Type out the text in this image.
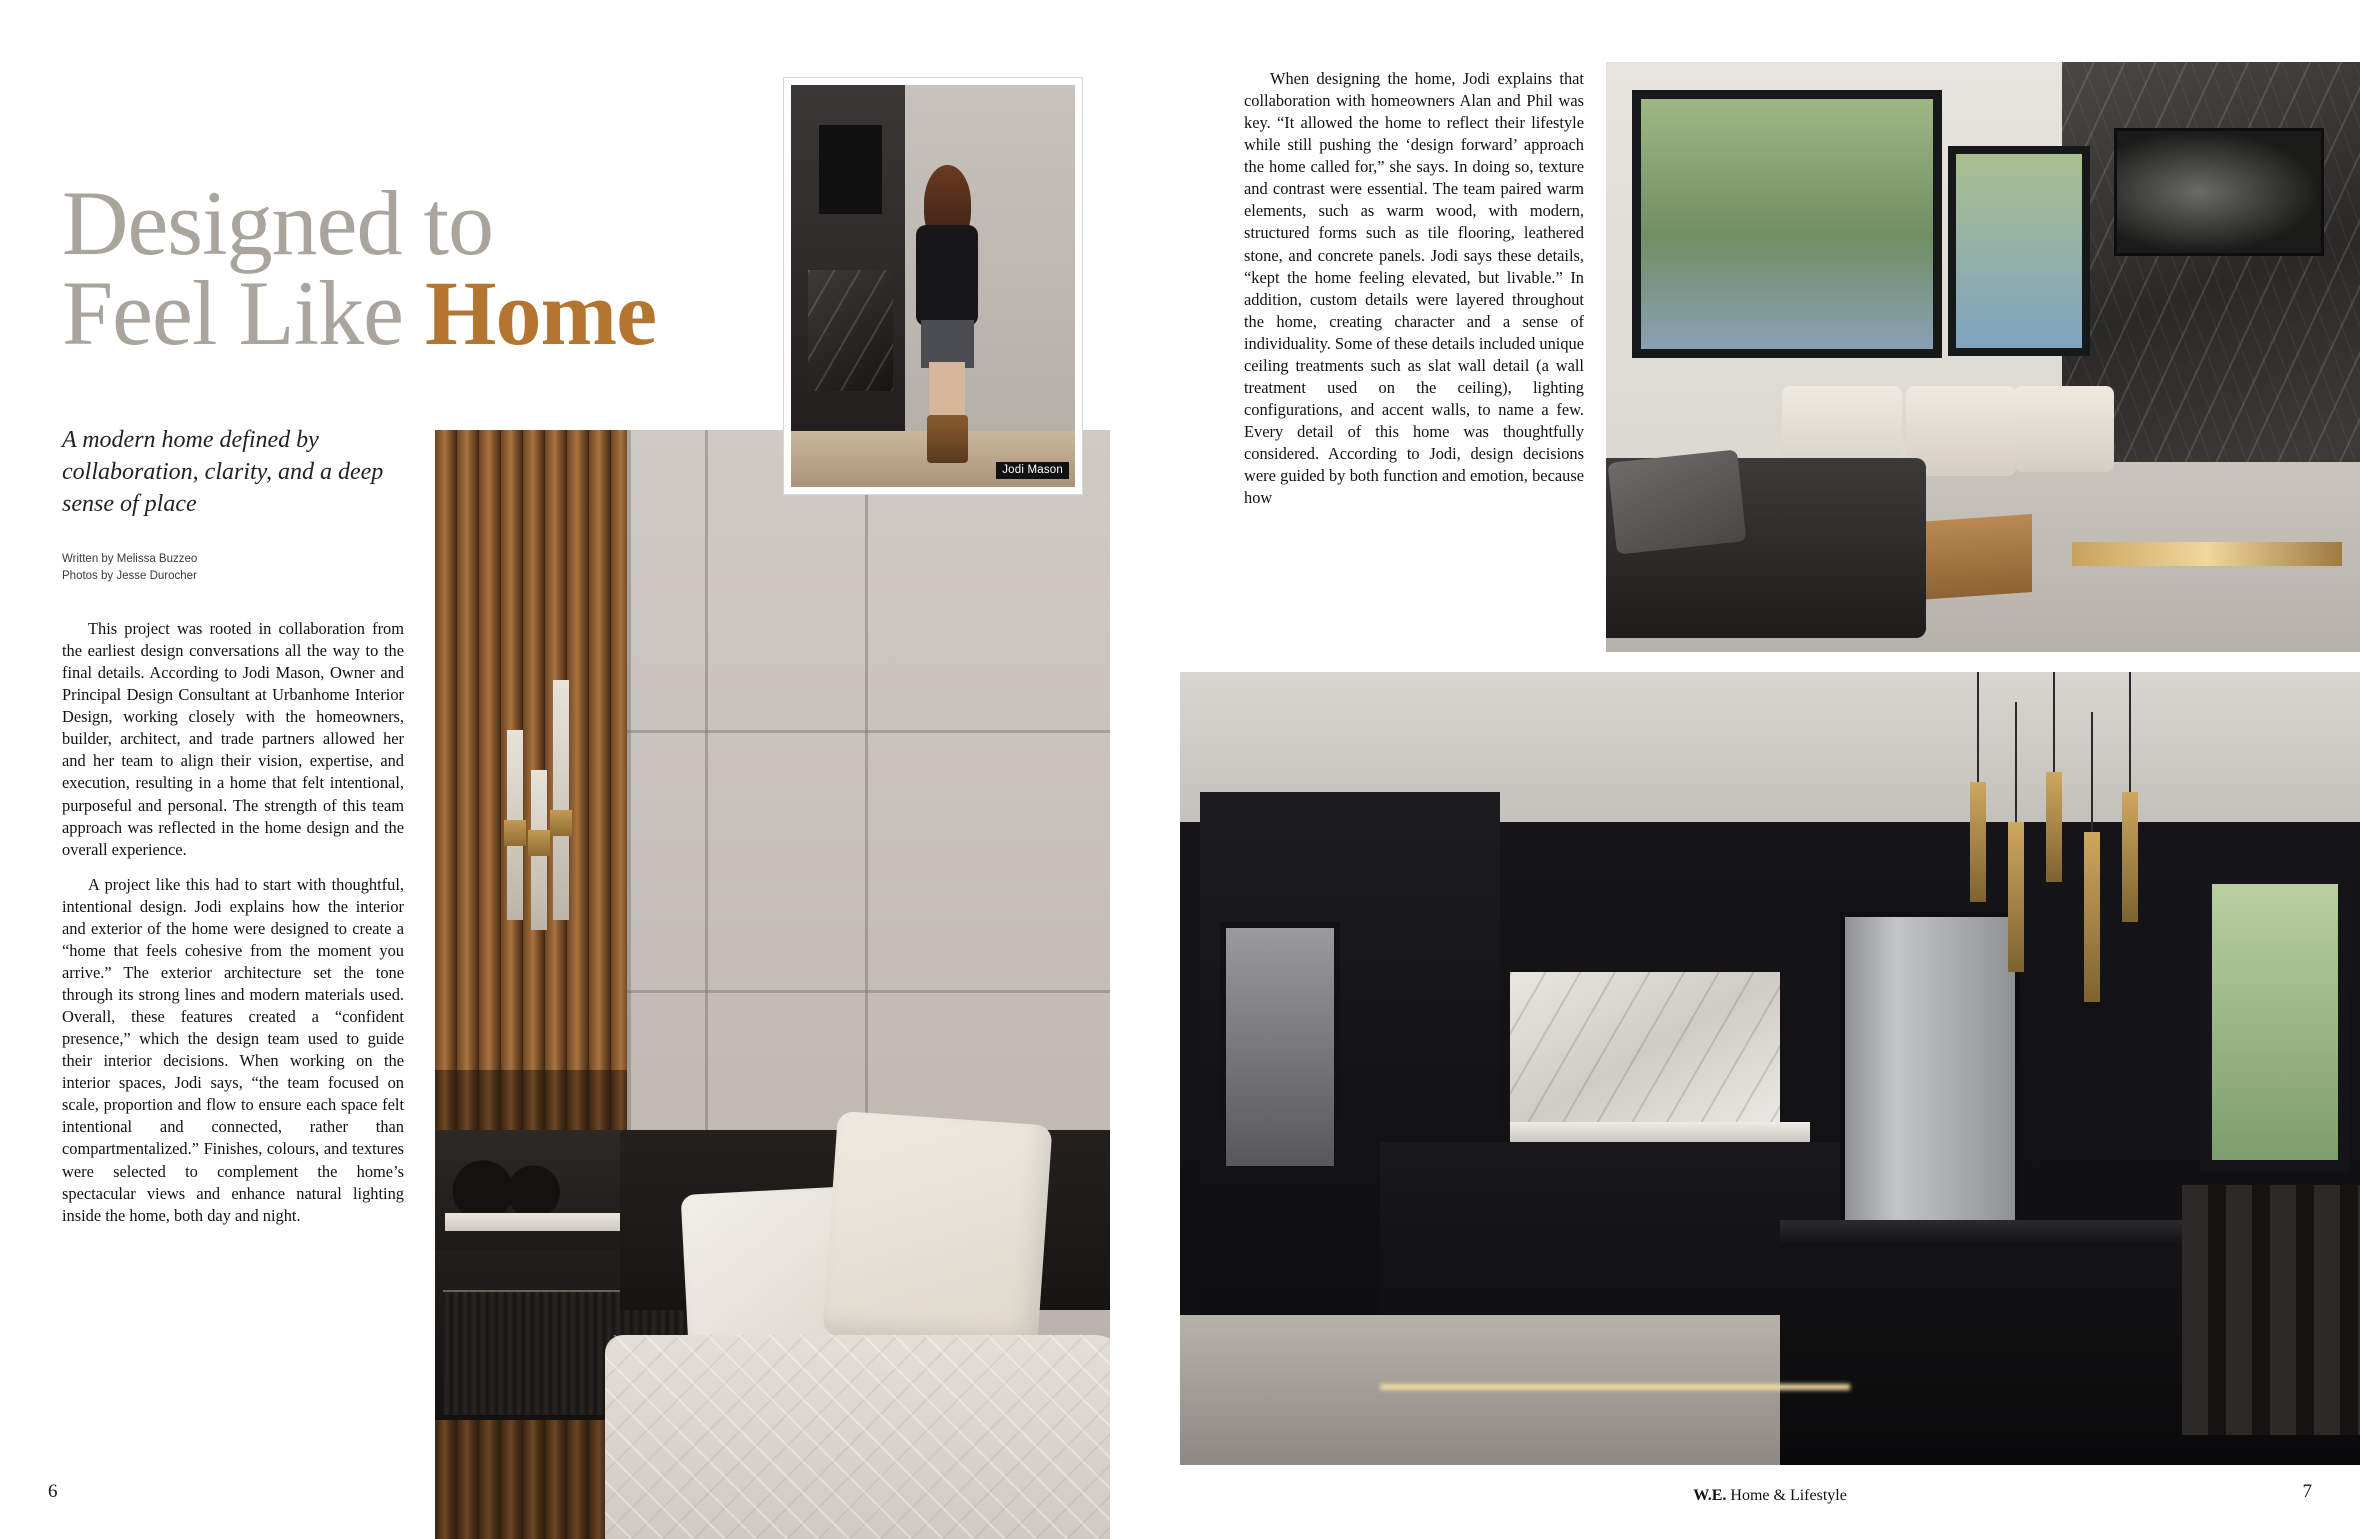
Designed to
Feel Like Home
A modern home defined by collaboration, clarity, and a deep sense of place
Written by Melissa Buzzeo
Photos by Jesse Durocher

This project was rooted in collaboration from the earliest design conversations all the way to the final details. According to Jodi Mason, Owner and Principal Design Consultant at Urbanhome Interior Design, working closely with the homeowners, builder, architect, and trade partners allowed her and her team to align their vision, expertise, and execution, resulting in a home that felt intentional, purposeful and personal. The strength of this team approach was reflected in the home design and the overall experience.

A project like this had to start with thoughtful, intentional design. Jodi explains how the interior and exterior of the home were designed to create a “home that feels cohesive from the moment you arrive.” The exterior architecture set the tone through its strong lines and modern materials used. Overall, these features created a “confident presence,” which the design team used to guide their interior decisions. When working on the interior spaces, Jodi says, “the team focused on scale, proportion and flow to ensure each space felt intentional and connected, rather than compartmentalized.” Finishes, colours, and textures were selected to complement the home’s spectacular views and enhance natural lighting inside the home, both day and night.

Jodi Mason
6

When designing the home, Jodi explains that collaboration with homeowners Alan and Phil was key. “It allowed the home to reflect their lifestyle while still pushing the ‘design forward’ approach the home called for,” she says. In doing so, texture and contrast were essential. The team paired warm elements, such as warm wood, with modern, structured forms such as tile flooring, leathered stone, and concrete panels. Jodi says these details, “kept the home feeling elevated, but livable.” In addition, custom details were layered throughout the home, creating character and a sense of individuality. Some of these details included unique ceiling treatments such as slat wall detail (a wall treatment used on the ceiling), lighting configurations, and accent walls, to name a few. Every detail of this home was thoughtfully considered. According to Jodi, design decisions were guided by both function and emotion, because how

W.E. Home & Lifestyle	7
